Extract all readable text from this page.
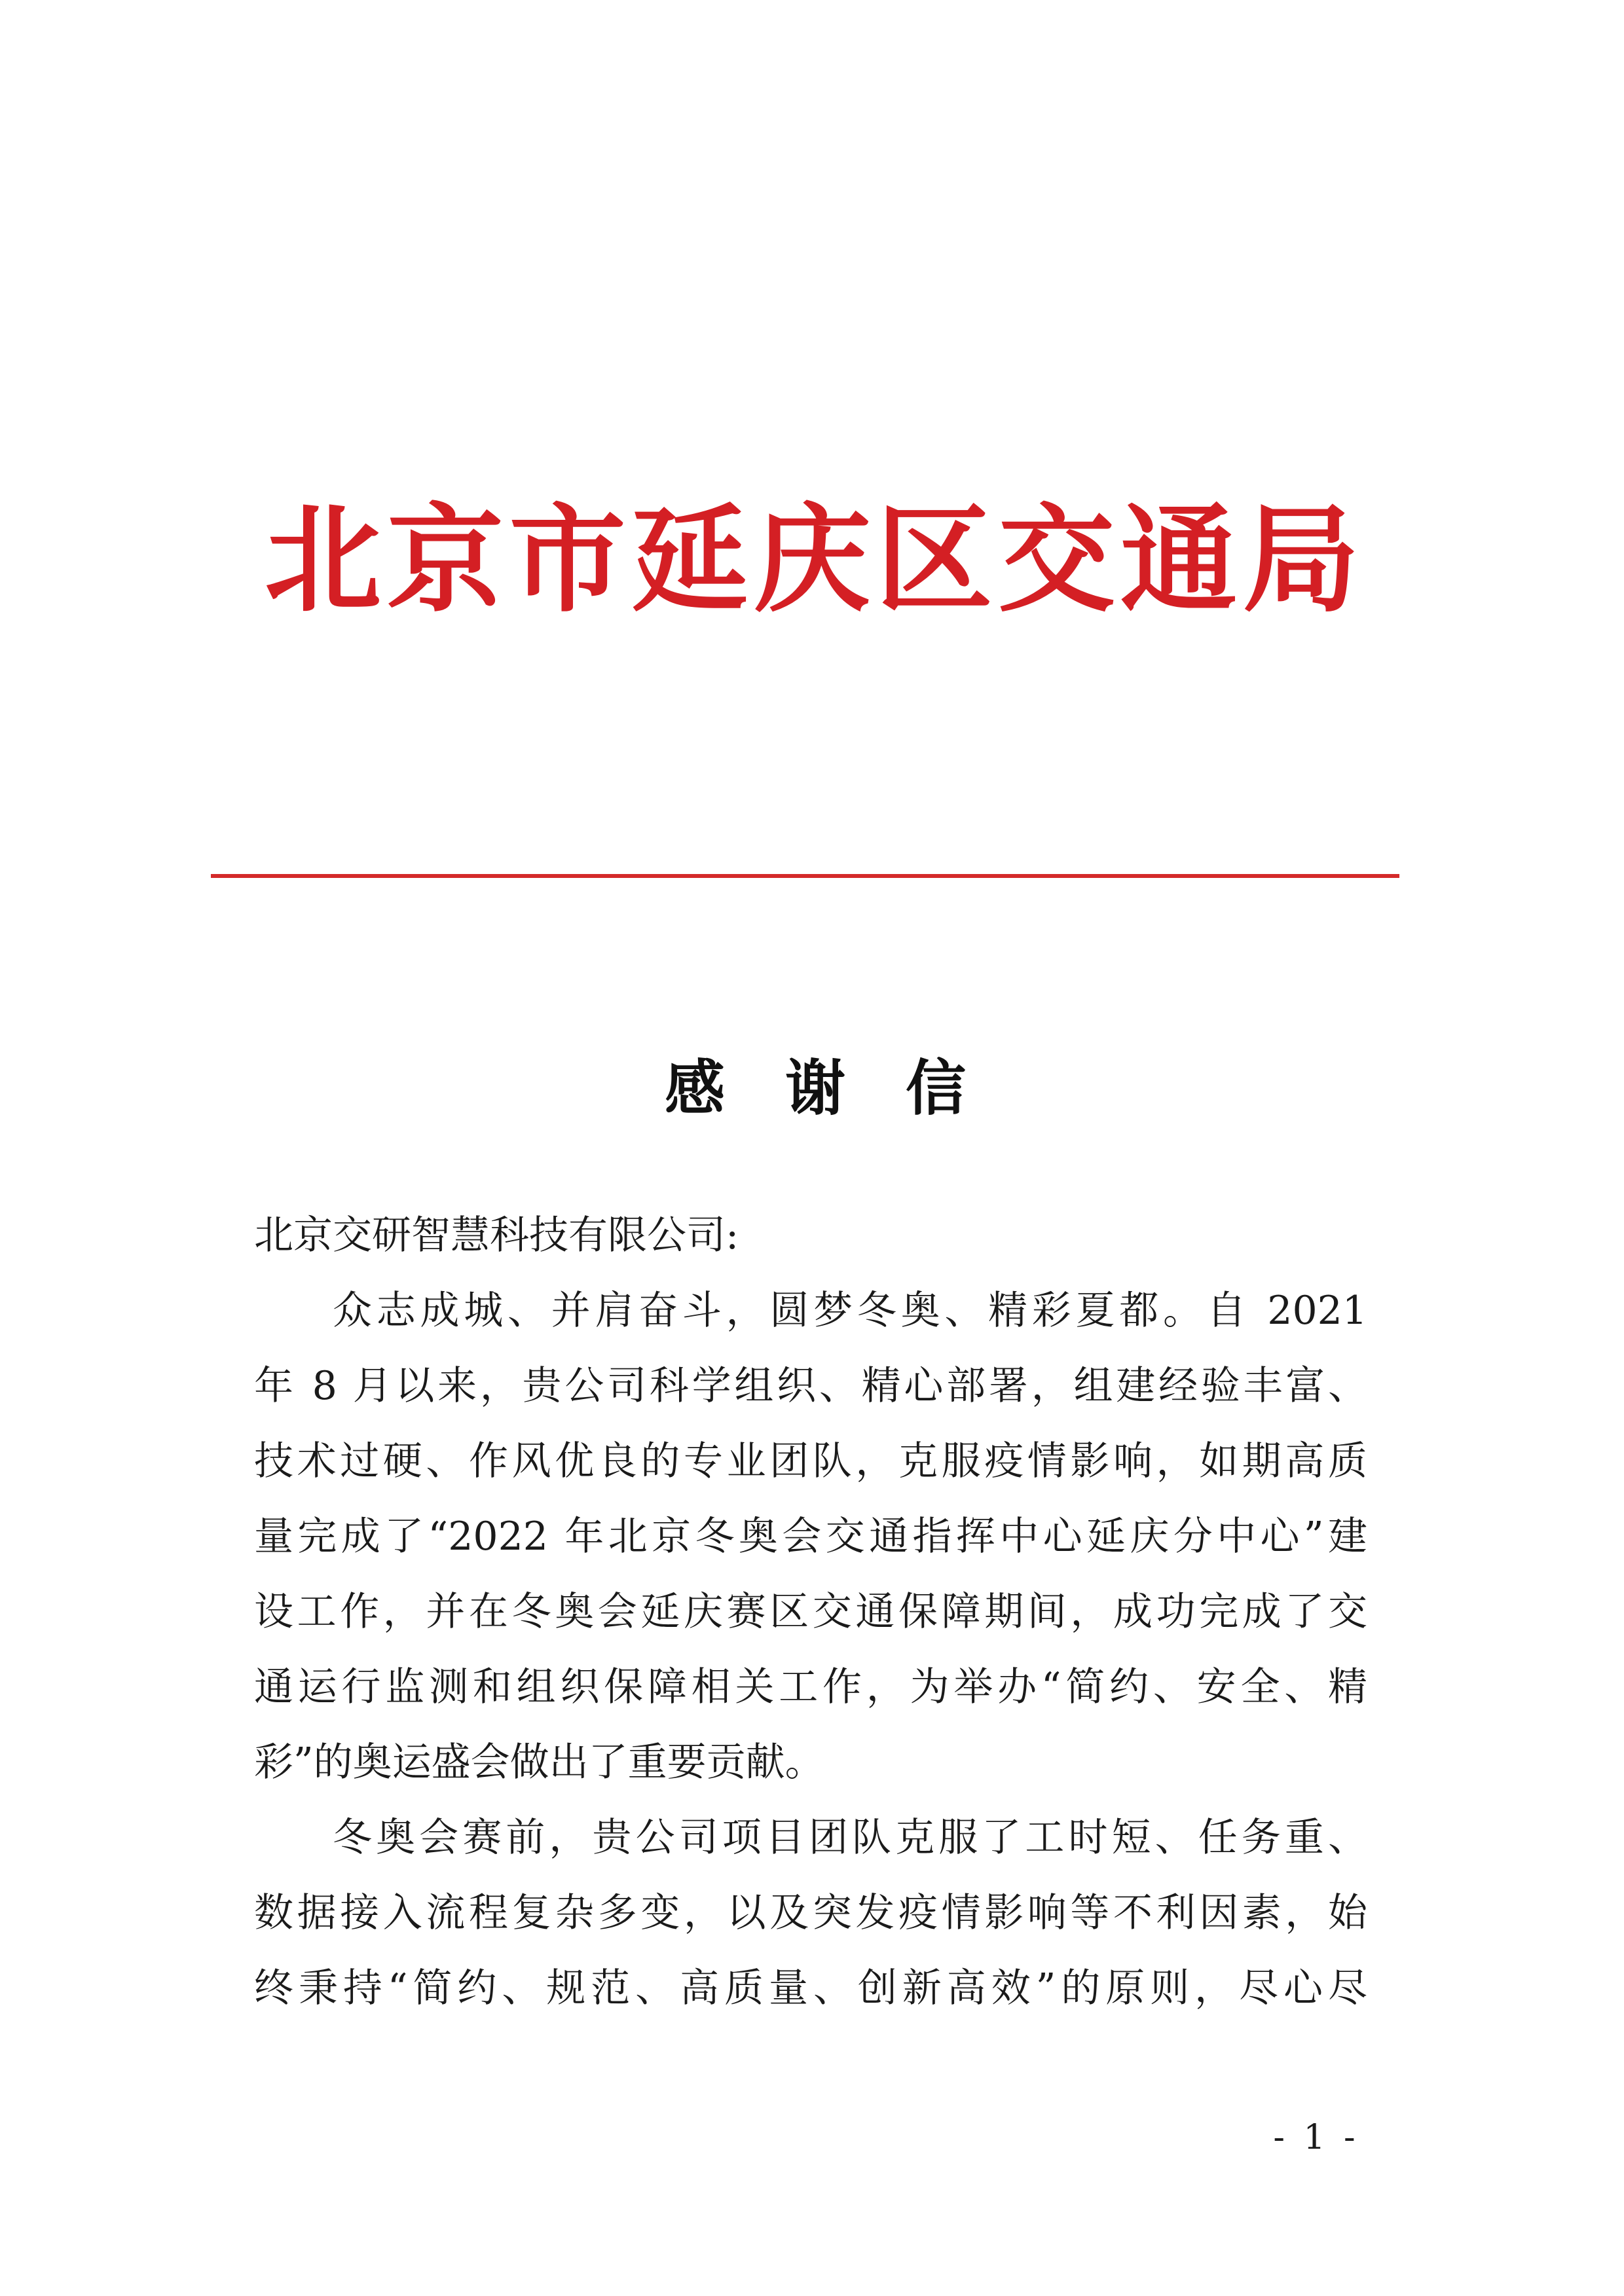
北 京 市 延 庆 区 交 通 局
感 谢 信
北京交研智慧科技有限公司:
众志成城、并肩奋斗，圆梦冬奥、精彩夏都。自 2021
年 8 月以来，贵公司科学组织、精心部署，组建经验丰富、
技术过硬、作风优良的专业团队，克服疫情影响，如期高质
量完成了“2022 年北京冬奥会交通指挥中心延庆分中心”建
设工作，并在冬奥会延庆赛区交通保障期间，成功完成了交
通运行监测和组织保障相关工作，为举办“简约、安全、精
彩”的奥运盛会做出了重要贡献。
冬奥会赛前，贵公司项目团队克服了工时短、任务重、
数据接入流程复杂多变，以及突发疫情影响等不利因素，始
终秉持“简约、规范、高质量、创新高效”的原则，尽心尽
- 1 -
